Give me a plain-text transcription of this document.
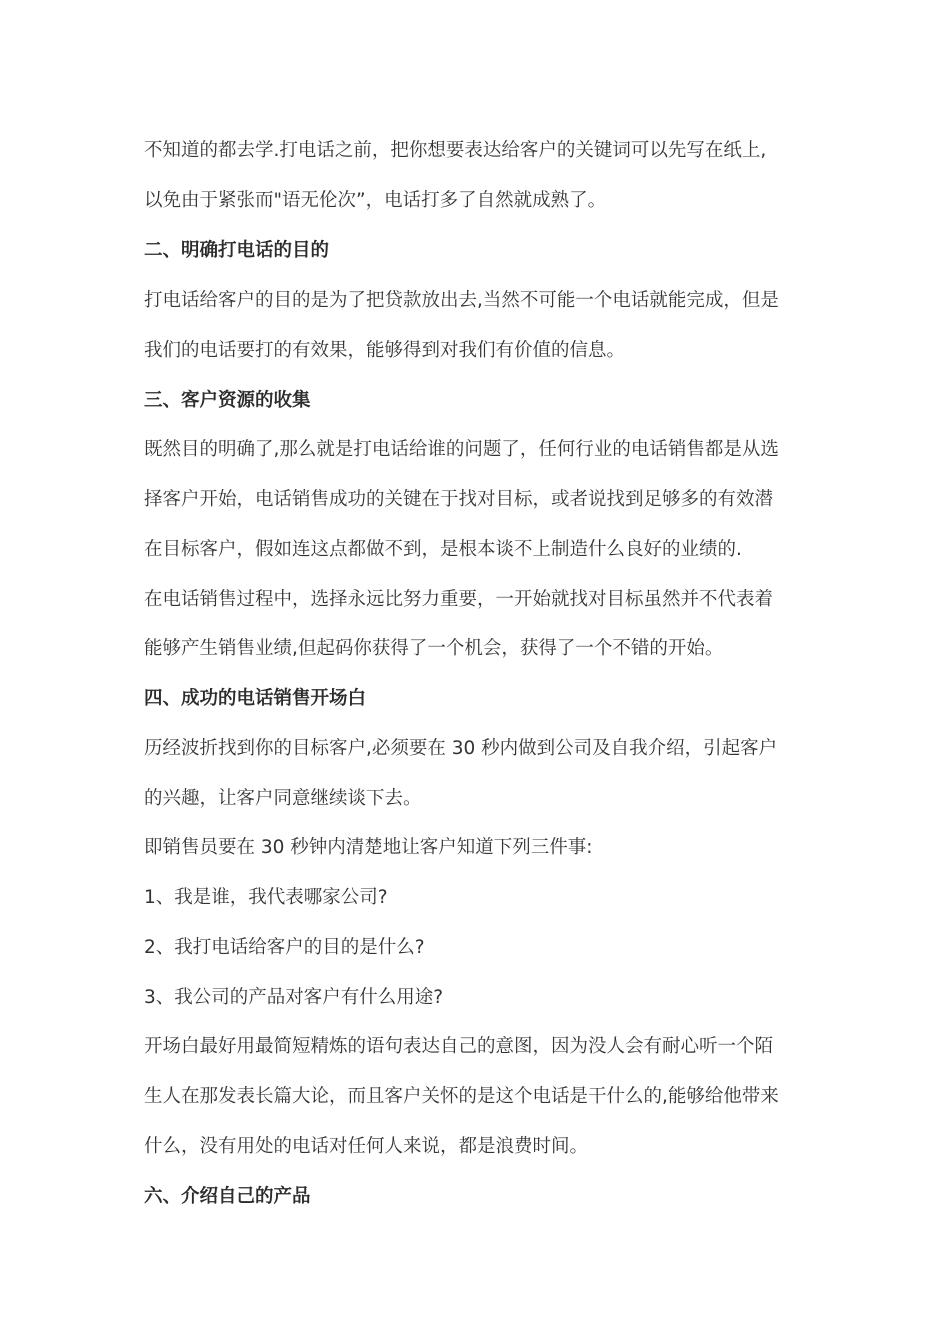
不知道的都去学.打电话之前，把你想要表达给客户的关键词可以先写在纸上,
以免由于紧张而"语无伦次”，电话打多了自然就成熟了。
二、明确打电话的目的
打电话给客户的目的是为了把贷款放出去,当然不可能一个电话就能完成，但是
我们的电话要打的有效果，能够得到对我们有价值的信息。
三、客户资源的收集
既然目的明确了,那么就是打电话给谁的问题了，任何行业的电话销售都是从选
择客户开始，电话销售成功的关键在于找对目标，或者说找到足够多的有效潜
在目标客户，假如连这点都做不到，是根本谈不上制造什么良好的业绩的.
在电话销售过程中，选择永远比努力重要，一开始就找对目标虽然并不代表着
能够产生销售业绩,但起码你获得了一个机会，获得了一个不错的开始。
四、成功的电话销售开场白
历经波折找到你的目标客户,必须要在 30 秒内做到公司及自我介绍，引起客户
的兴趣，让客户同意继续谈下去。
即销售员要在 30 秒钟内清楚地让客户知道下列三件事:
1、我是谁，我代表哪家公司?
2、我打电话给客户的目的是什么?
3、我公司的产品对客户有什么用途?
开场白最好用最简短精炼的语句表达自己的意图，因为没人会有耐心听一个陌
生人在那发表长篇大论，而且客户关怀的是这个电话是干什么的,能够给他带来
什么，没有用处的电话对任何人来说，都是浪费时间。
六、介绍自己的产品
